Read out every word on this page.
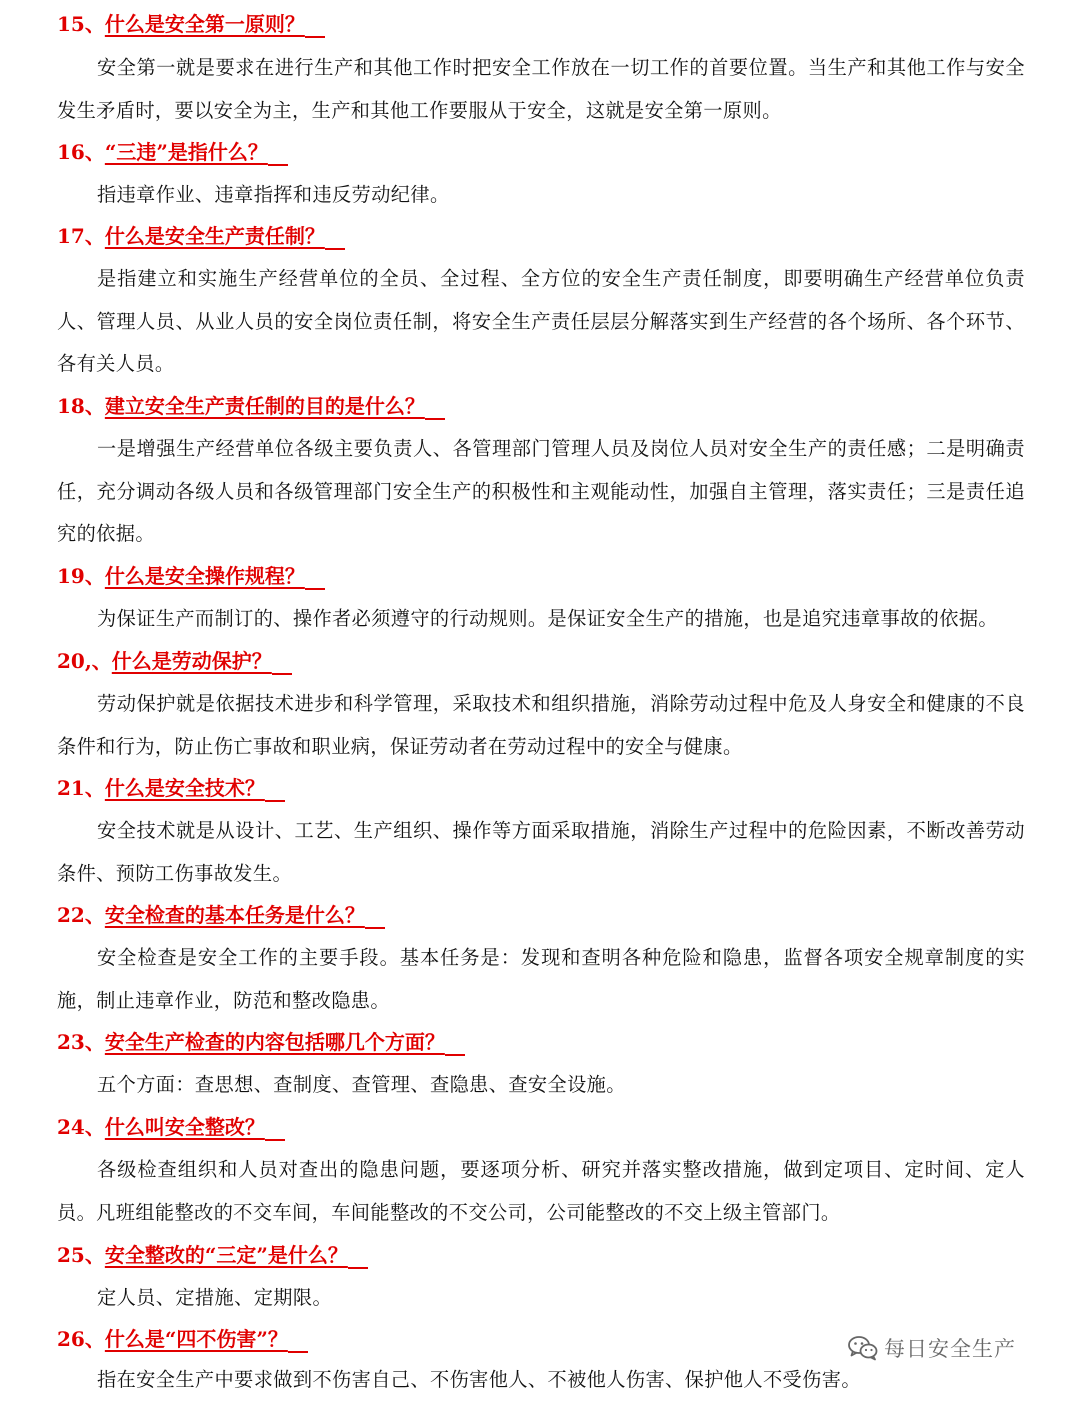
15、什么是安全第一原则？

安全第一就是要求在进行生产和其他工作时把安全工作放在一切工作的首要位置。当生产和其他工作与安全发生矛盾时，要以安全为主，生产和其他工作要服从于安全，这就是安全第一原则。

16、“三违”是指什么？

指违章作业、违章指挥和违反劳动纪律。

17、什么是安全生产责任制？

是指建立和实施生产经营单位的全员、全过程、全方位的安全生产责任制度，即要明确生产经营单位负责人、管理人员、从业人员的安全岗位责任制，将安全生产责任层层分解落实到生产经营的各个场所、各个环节、各有关人员。

18、建立安全生产责任制的目的是什么？

一是增强生产经营单位各级主要负责人、各管理部门管理人员及岗位人员对安全生产的责任感；二是明确责任，充分调动各级人员和各级管理部门安全生产的积极性和主观能动性，加强自主管理，落实责任；三是责任追究的依据。

19、什么是安全操作规程？

为保证生产而制订的、操作者必须遵守的行动规则。是保证安全生产的措施，也是追究违章事故的依据。

20,、什么是劳动保护？

劳动保护就是依据技术进步和科学管理，采取技术和组织措施，消除劳动过程中危及人身安全和健康的不良条件和行为，防止伤亡事故和职业病，保证劳动者在劳动过程中的安全与健康。

21、什么是安全技术？

安全技术就是从设计、工艺、生产组织、操作等方面采取措施，消除生产过程中的危险因素，不断改善劳动条件、预防工伤事故发生。

22、安全检查的基本任务是什么？

安全检查是安全工作的主要手段。基本任务是：发现和查明各种危险和隐患，监督各项安全规章制度的实施，制止违章作业，防范和整改隐患。

23、安全生产检查的内容包括哪几个方面？

五个方面：查思想、查制度、查管理、查隐患、查安全设施。

24、什么叫安全整改？

各级检查组织和人员对查出的隐患问题，要逐项分析、研究并落实整改措施，做到定项目、定时间、定人员。凡班组能整改的不交车间，车间能整改的不交公司，公司能整改的不交上级主管部门。

25、安全整改的“三定”是什么？

定人员、定措施、定期限。

26、什么是“四不伤害”？

指在安全生产中要求做到不伤害自己、不伤害他人、不被他人伤害、保护他人不受伤害。

每日安全生产
